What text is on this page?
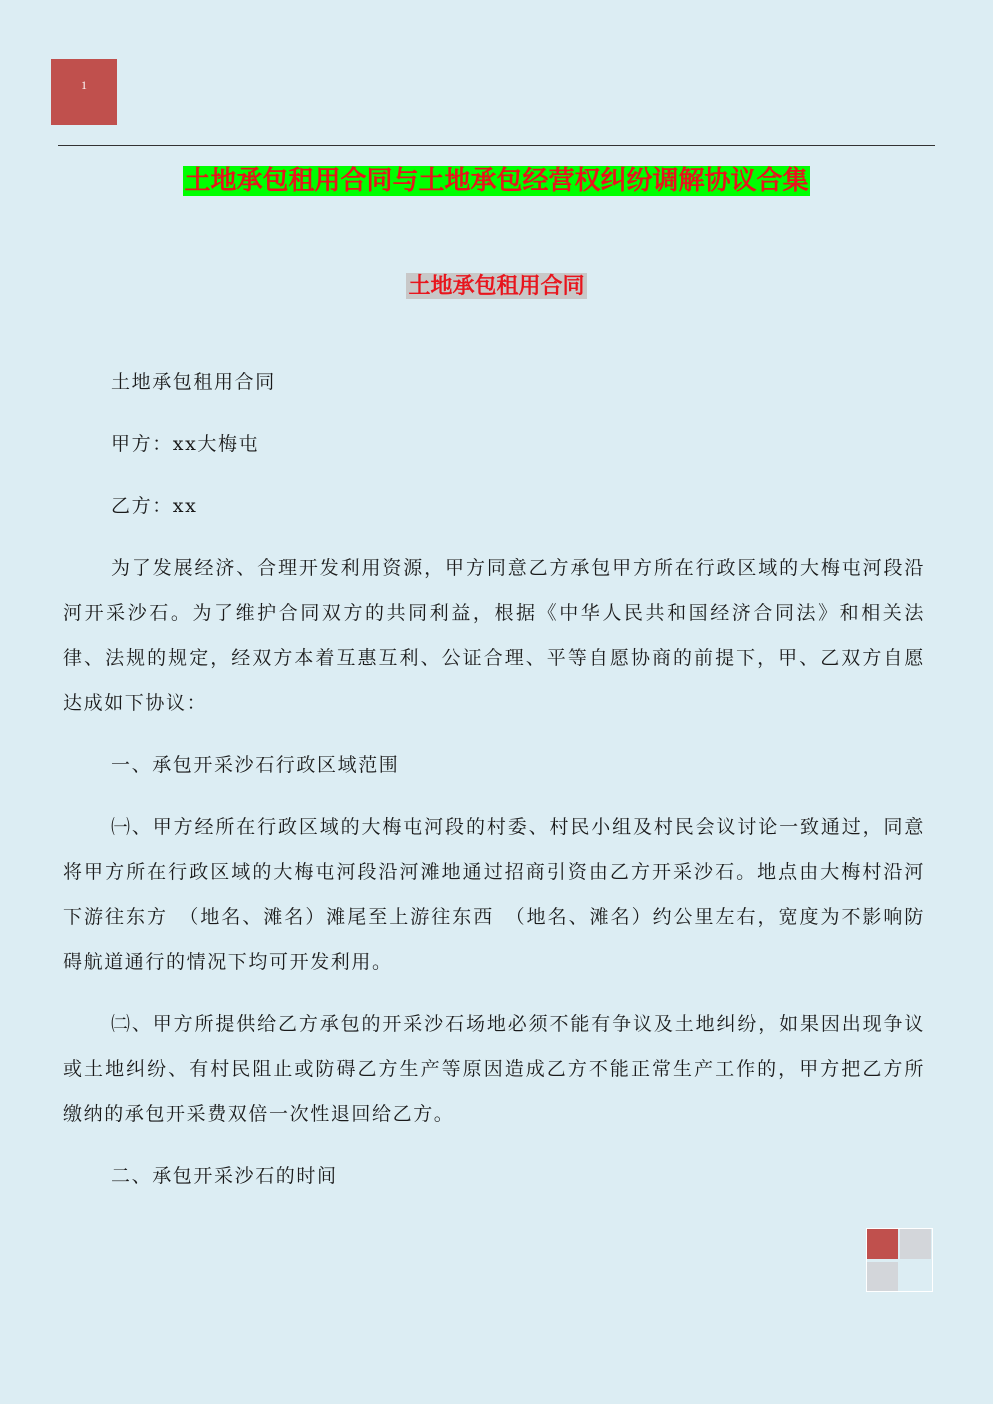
1
土地承包租用合同与土地承包经营权纠纷调解协议合集
土地承包租用合同

土地承包租用合同

甲方：xx大梅屯

乙方：xx

为了发展经济、合理开发利用资源，甲方同意乙方承包甲方所在行政区域的大梅屯河段沿河开采沙石。为了维护合同双方的共同利益，根据《中华人民共和国经济合同法》和相关法律、法规的规定，经双方本着互惠互利、公证合理、平等自愿协商的前提下，甲、乙双方自愿达成如下协议：

一、承包开采沙石行政区域范围

㈠、甲方经所在行政区域的大梅屯河段的村委、村民小组及村民会议讨论一致通过，同意将甲方所在行政区域的大梅屯河段沿河滩地通过招商引资由乙方开采沙石。地点由大梅村沿河下游往东方　（地名、滩名）滩尾至上游往东西　（地名、滩名）约公里左右，宽度为不影响防碍航道通行的情况下均可开发利用。

㈡、甲方所提供给乙方承包的开采沙石场地必须不能有争议及土地纠纷，如果因出现争议或土地纠纷、有村民阻止或防碍乙方生产等原因造成乙方不能正常生产工作的，甲方把乙方所缴纳的承包开采费双倍一次性退回给乙方。

二、承包开采沙石的时间
